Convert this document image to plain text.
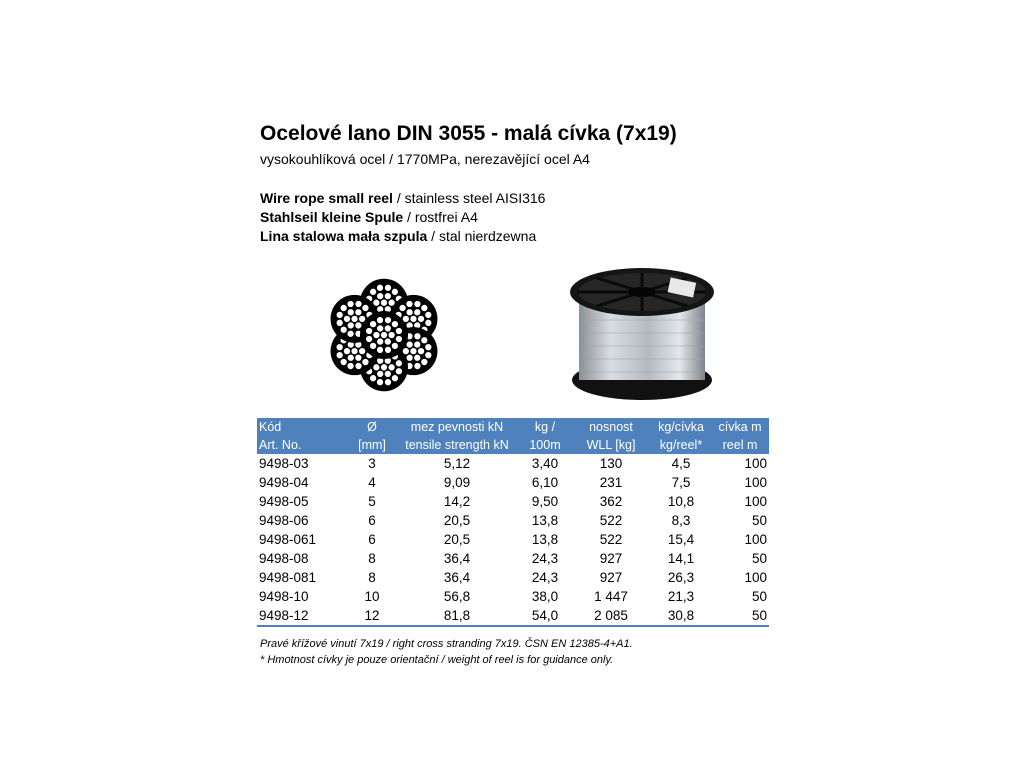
Ocelové lano DIN 3055 - malá cívka (7x19)
vysokouhlíková ocel / 1770MPa, nerezavějící ocel A4
Wire rope small reel / stainless steel AISI316
Stahlseil kleine Spule / rostfrei A4
Lina stalowa mała szpula / stal nierdzewna
Kód	Ø	mez pevnosti kN	kg /	nosnost	kg/cívka	cívka m
Art. No.	[mm]	tensile strength kN	100m	WLL [kg]	kg/reel*	reel m
9498-03	3	5,12	3,40	130	4,5	100
9498-04	4	9,09	6,10	231	7,5	100
9498-05	5	14,2	9,50	362	10,8	100
9498-06	6	20,5	13,8	522	8,3	50
9498-061	6	20,5	13,8	522	15,4	100
9498-08	8	36,4	24,3	927	14,1	50
9498-081	8	36,4	24,3	927	26,3	100
9498-10	10	56,8	38,0	1 447	21,3	50
9498-12	12	81,8	54,0	2 085	30,8	50
Pravé křížové vinutí 7x19 / right cross stranding 7x19. ČSN EN 12385-4+A1.
* Hmotnost cívky je pouze orientační / weight of reel is for guidance only.
